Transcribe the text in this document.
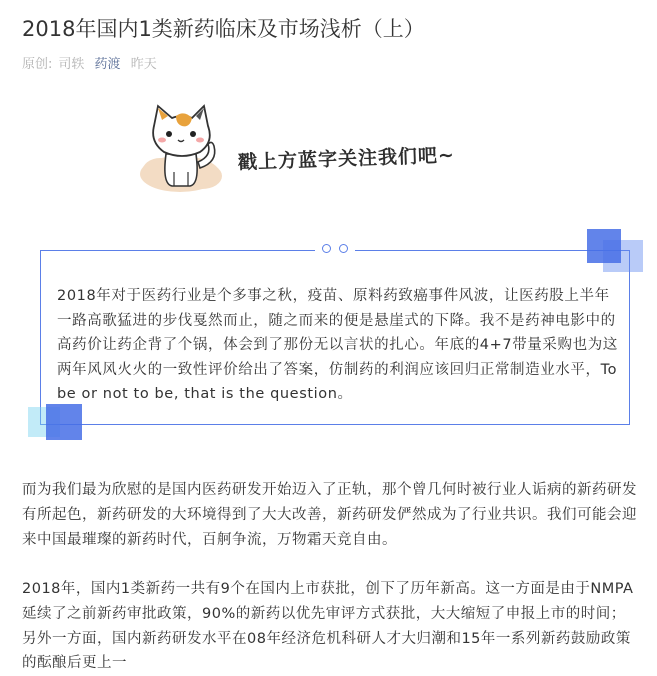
2018年国内1类新药临床及市场浅析（上）
原创: 司轶 药渡 昨天
戳上方蓝字关注我们吧~

2018年对于医药行业是个多事之秋，疫苗、原料药致癌事件风波，让医药股上半年一路高歌猛进的步伐戛然而止，随之而来的便是悬崖式的下降。我不是药神电影中的高药价让药企背了个锅，体会到了那份无以言状的扎心。年底的4+7带量采购也为这两年风风火火的一致性评价给出了答案，仿制药的利润应该回归正常制造业水平，To be or not to be, that is the question。

而为我们最为欣慰的是国内医药研发开始迈入了正轨，那个曾几何时被行业人诟病的新药研发有所起色，新药研发的大环境得到了大大改善，新药研发俨然成为了行业共识。我们可能会迎来中国最璀璨的新药时代，百舸争流，万物霜天竞自由。

2018年，国内1类新药一共有9个在国内上市获批，创下了历年新高。这一方面是由于NMPA延续了之前新药审批政策，90%的新药以优先审评方式获批，大大缩短了申报上市的时间；另外一方面，国内新药研发水平在08年经济危机科研人才大归潮和15年一系列新药鼓励政策的酝酿后更上一
